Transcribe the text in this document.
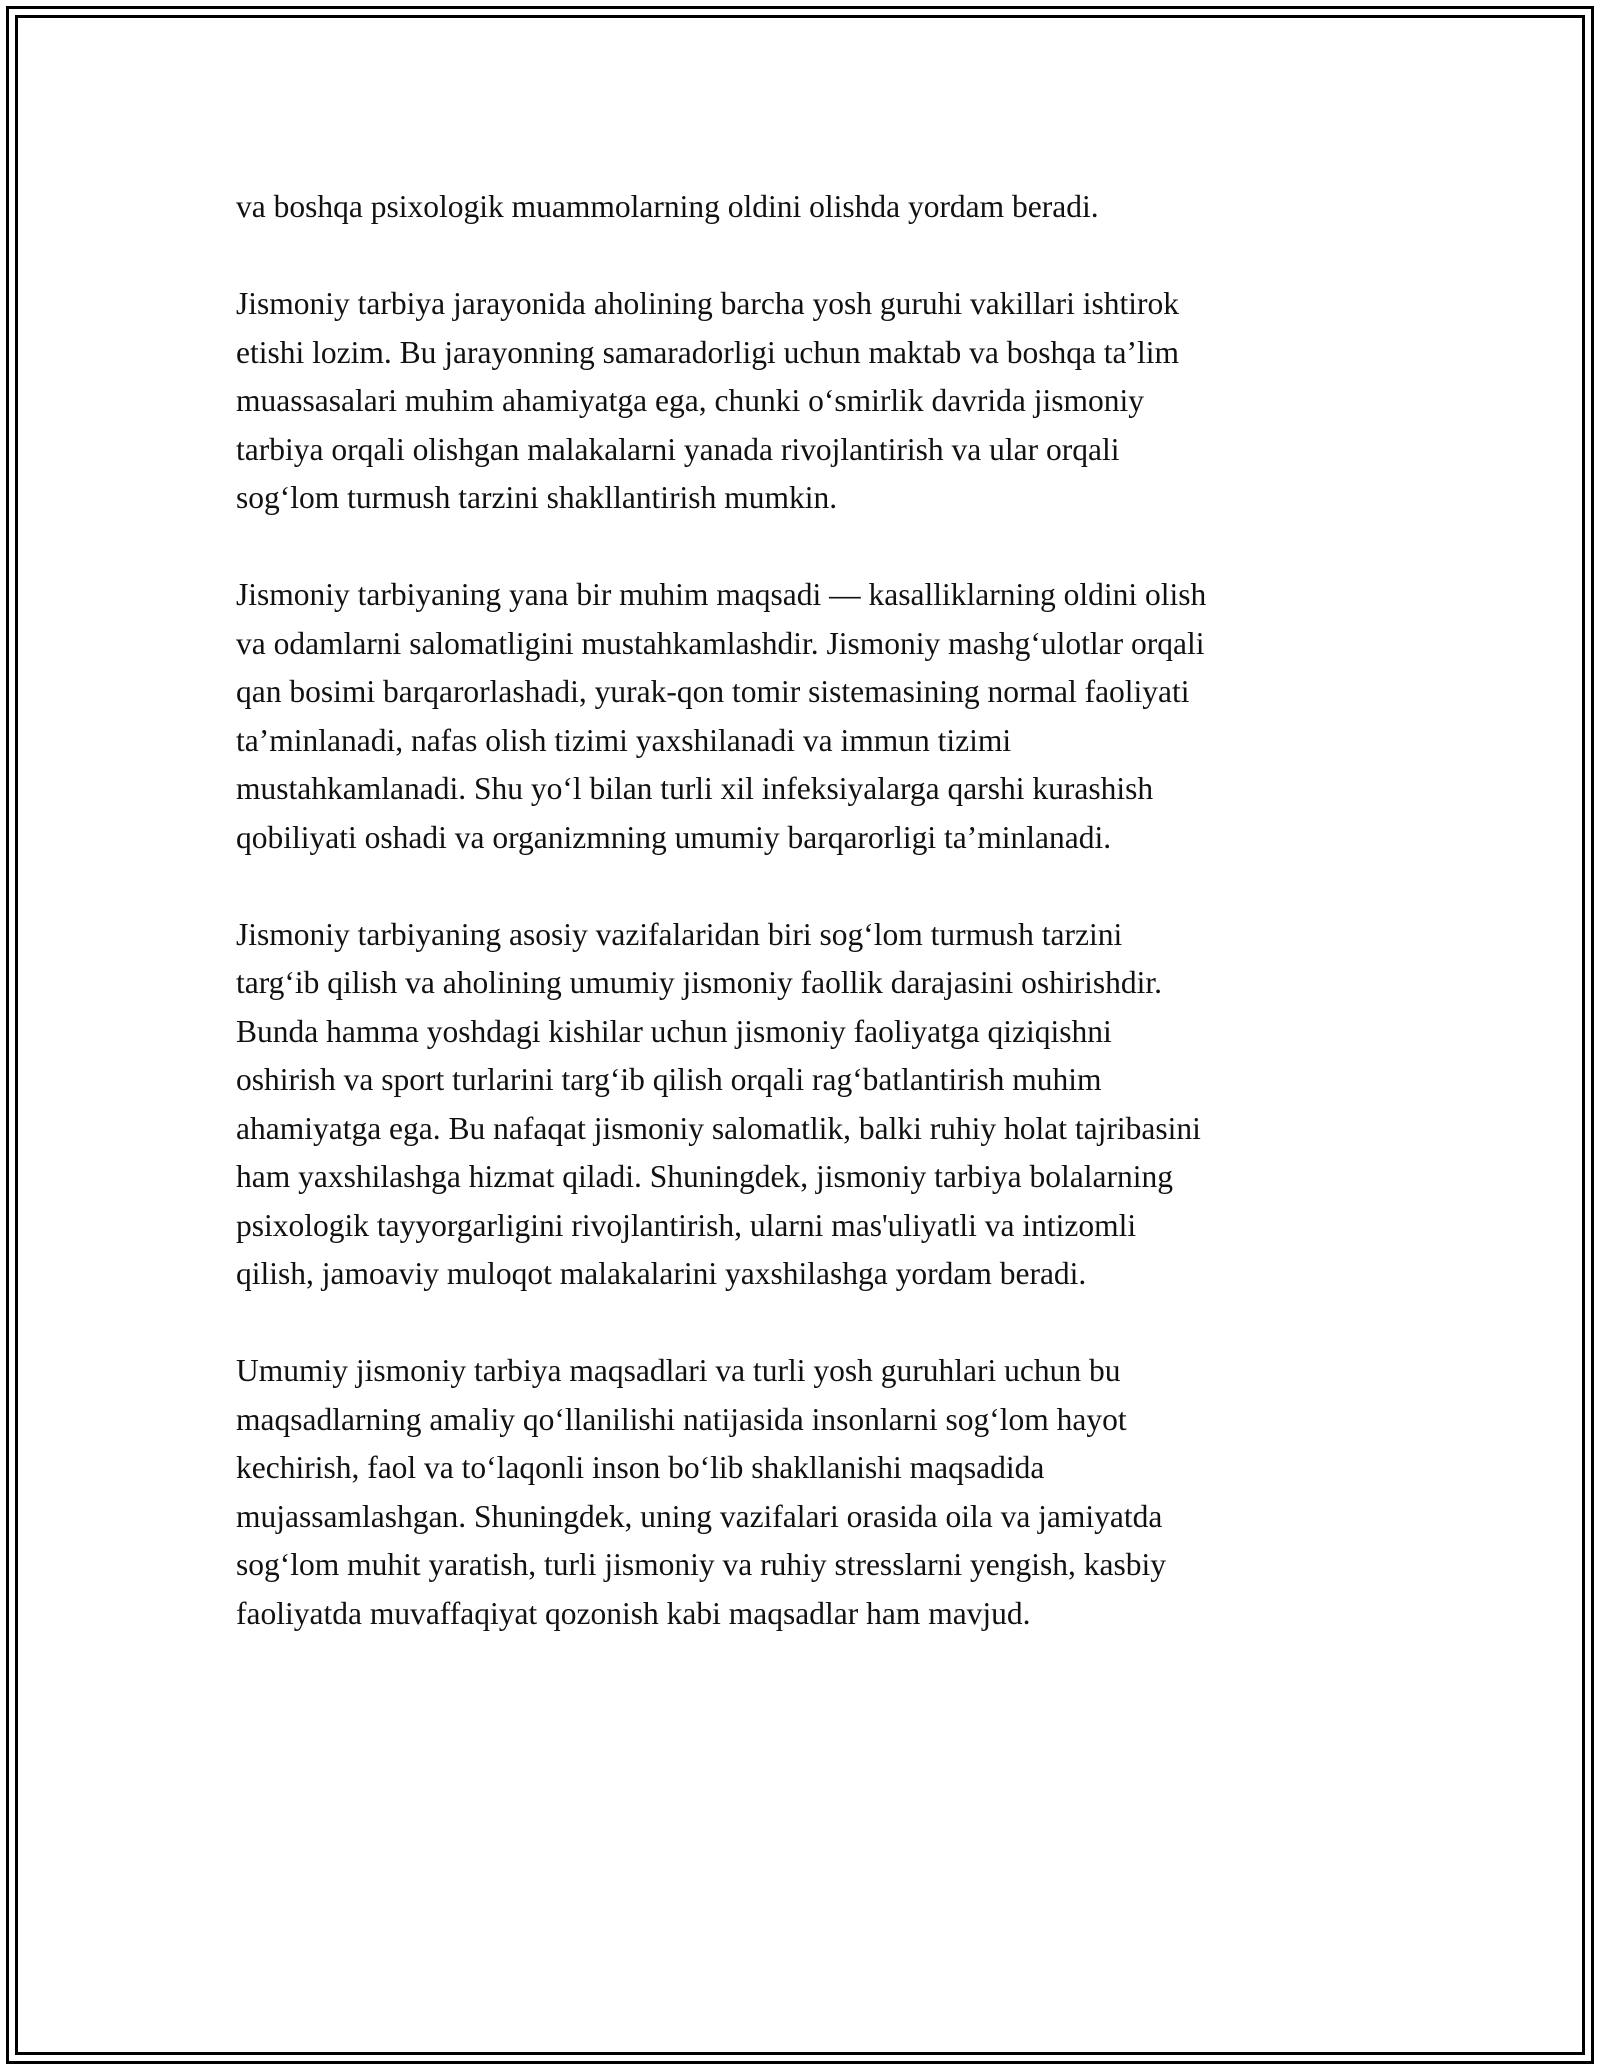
va boshqa psixologik muammolarning oldini olishda yordam beradi.

Jismoniy tarbiya jarayonida aholining barcha yosh guruhi vakillari ishtirok
etishi lozim. Bu jarayonning samaradorligi uchun maktab va boshqa ta’lim
muassasalari muhim ahamiyatga ega, chunki o‘smirlik davrida jismoniy
tarbiya orqali olishgan malakalarni yanada rivojlantirish va ular orqali
sog‘lom turmush tarzini shakllantirish mumkin.

Jismoniy tarbiyaning yana bir muhim maqsadi — kasalliklarning oldini olish
va odamlarni salomatligini mustahkamlashdir. Jismoniy mashg‘ulotlar orqali
qan bosimi barqarorlashadi, yurak-qon tomir sistemasining normal faoliyati
ta’minlanadi, nafas olish tizimi yaxshilanadi va immun tizimi
mustahkamlanadi. Shu yo‘l bilan turli xil infeksiyalarga qarshi kurashish
qobiliyati oshadi va organizmning umumiy barqarorligi ta’minlanadi.

Jismoniy tarbiyaning asosiy vazifalaridan biri sog‘lom turmush tarzini
targ‘ib qilish va aholining umumiy jismoniy faollik darajasini oshirishdir.
Bunda hamma yoshdagi kishilar uchun jismoniy faoliyatga qiziqishni
oshirish va sport turlarini targ‘ib qilish orqali rag‘batlantirish muhim
ahamiyatga ega. Bu nafaqat jismoniy salomatlik, balki ruhiy holat tajribasini
ham yaxshilashga hizmat qiladi. Shuningdek, jismoniy tarbiya bolalarning
psixologik tayyorgarligini rivojlantirish, ularni mas'uliyatli va intizomli
qilish, jamoaviy muloqot malakalarini yaxshilashga yordam beradi.

Umumiy jismoniy tarbiya maqsadlari va turli yosh guruhlari uchun bu
maqsadlarning amaliy qo‘llanilishi natijasida insonlarni sog‘lom hayot
kechirish, faol va to‘laqonli inson bo‘lib shakllanishi maqsadida
mujassamlashgan. Shuningdek, uning vazifalari orasida oila va jamiyatda
sog‘lom muhit yaratish, turli jismoniy va ruhiy stresslarni yengish, kasbiy
faoliyatda muvaffaqiyat qozonish kabi maqsadlar ham mavjud.
